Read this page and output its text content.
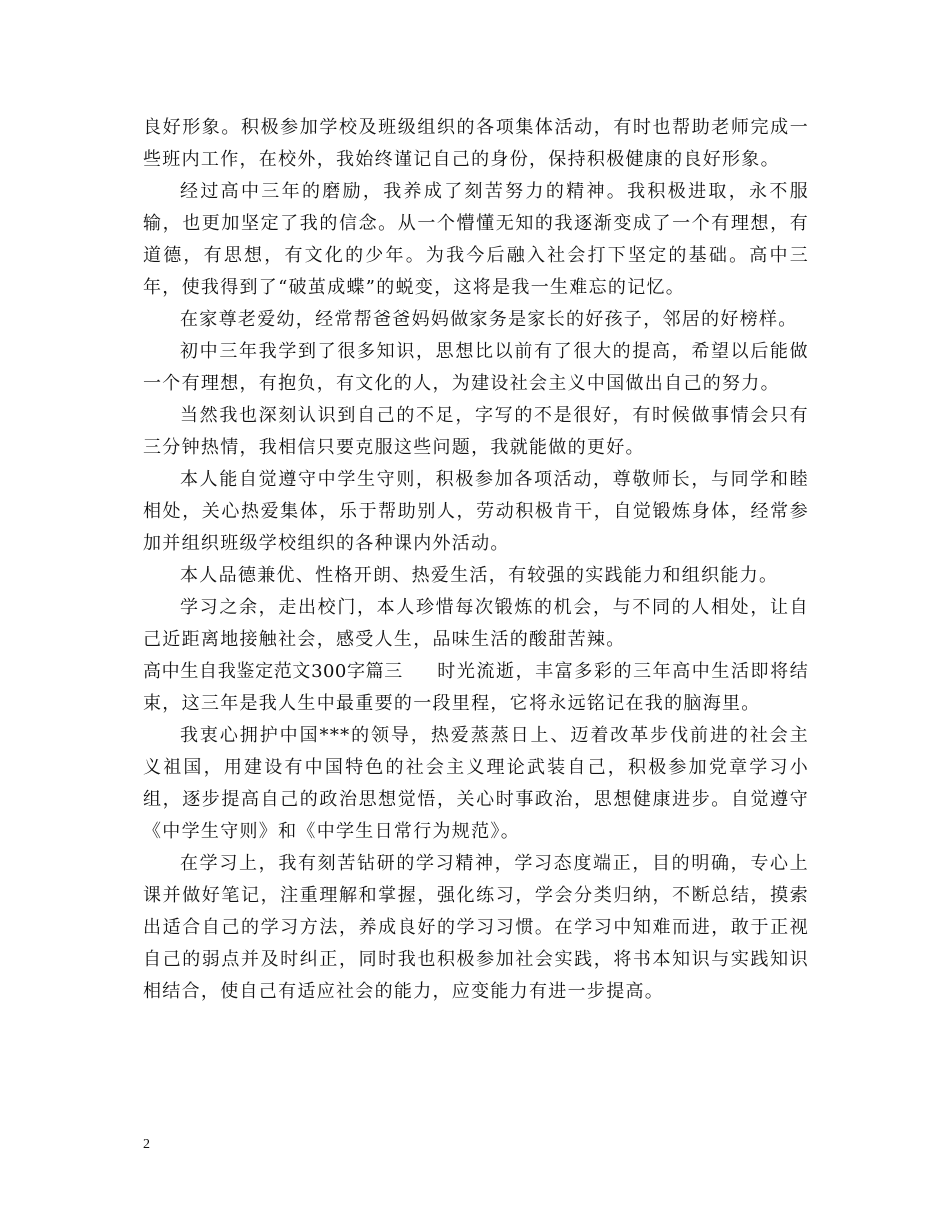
良好形象。积极参加学校及班级组织的各项集体活动，有时也帮助老师完成一些班内工作，在校外，我始终谨记自己的身份，保持积极健康的良好形象。

经过高中三年的磨励，我养成了刻苦努力的精神。我积极进取，永不服输，也更加坚定了我的信念。从一个懵懂无知的我逐渐变成了一个有理想，有道德，有思想，有文化的少年。为我今后融入社会打下坚定的基础。高中三年，使我得到了“破茧成蝶”的蜕变，这将是我一生难忘的记忆。

在家尊老爱幼，经常帮爸爸妈妈做家务是家长的好孩子，邻居的好榜样。

初中三年我学到了很多知识，思想比以前有了很大的提高，希望以后能做一个有理想，有抱负，有文化的人，为建设社会主义中国做出自己的努力。

当然我也深刻认识到自己的不足，字写的不是很好，有时候做事情会只有三分钟热情，我相信只要克服这些问题，我就能做的更好。

本人能自觉遵守中学生守则，积极参加各项活动，尊敬师长，与同学和睦相处，关心热爱集体，乐于帮助别人，劳动积极肯干，自觉锻炼身体，经常参加并组织班级学校组织的各种课内外活动。

本人品德兼优、性格开朗、热爱生活，有较强的实践能力和组织能力。

学习之余，走出校门，本人珍惜每次锻炼的机会，与不同的人相处，让自己近距离地接触社会，感受人生，品味生活的酸甜苦辣。

高中生自我鉴定范文300字篇三 时光流逝，丰富多彩的三年高中生活即将结束，这三年是我人生中最重要的一段里程，它将永远铭记在我的脑海里。

我衷心拥护中国***的领导，热爱蒸蒸日上、迈着改革步伐前进的社会主义祖国，用建设有中国特色的社会主义理论武装自己，积极参加党章学习小组，逐步提高自己的政治思想觉悟，关心时事政治，思想健康进步。自觉遵守《中学生守则》和《中学生日常行为规范》。

在学习上，我有刻苦钻研的学习精神，学习态度端正，目的明确，专心上课并做好笔记，注重理解和掌握，强化练习，学会分类归纳，不断总结，摸索出适合自己的学习方法，养成良好的学习习惯。在学习中知难而进，敢于正视自己的弱点并及时纠正，同时我也积极参加社会实践，将书本知识与实践知识相结合，使自己有适应社会的能力，应变能力有进一步提高。

2
